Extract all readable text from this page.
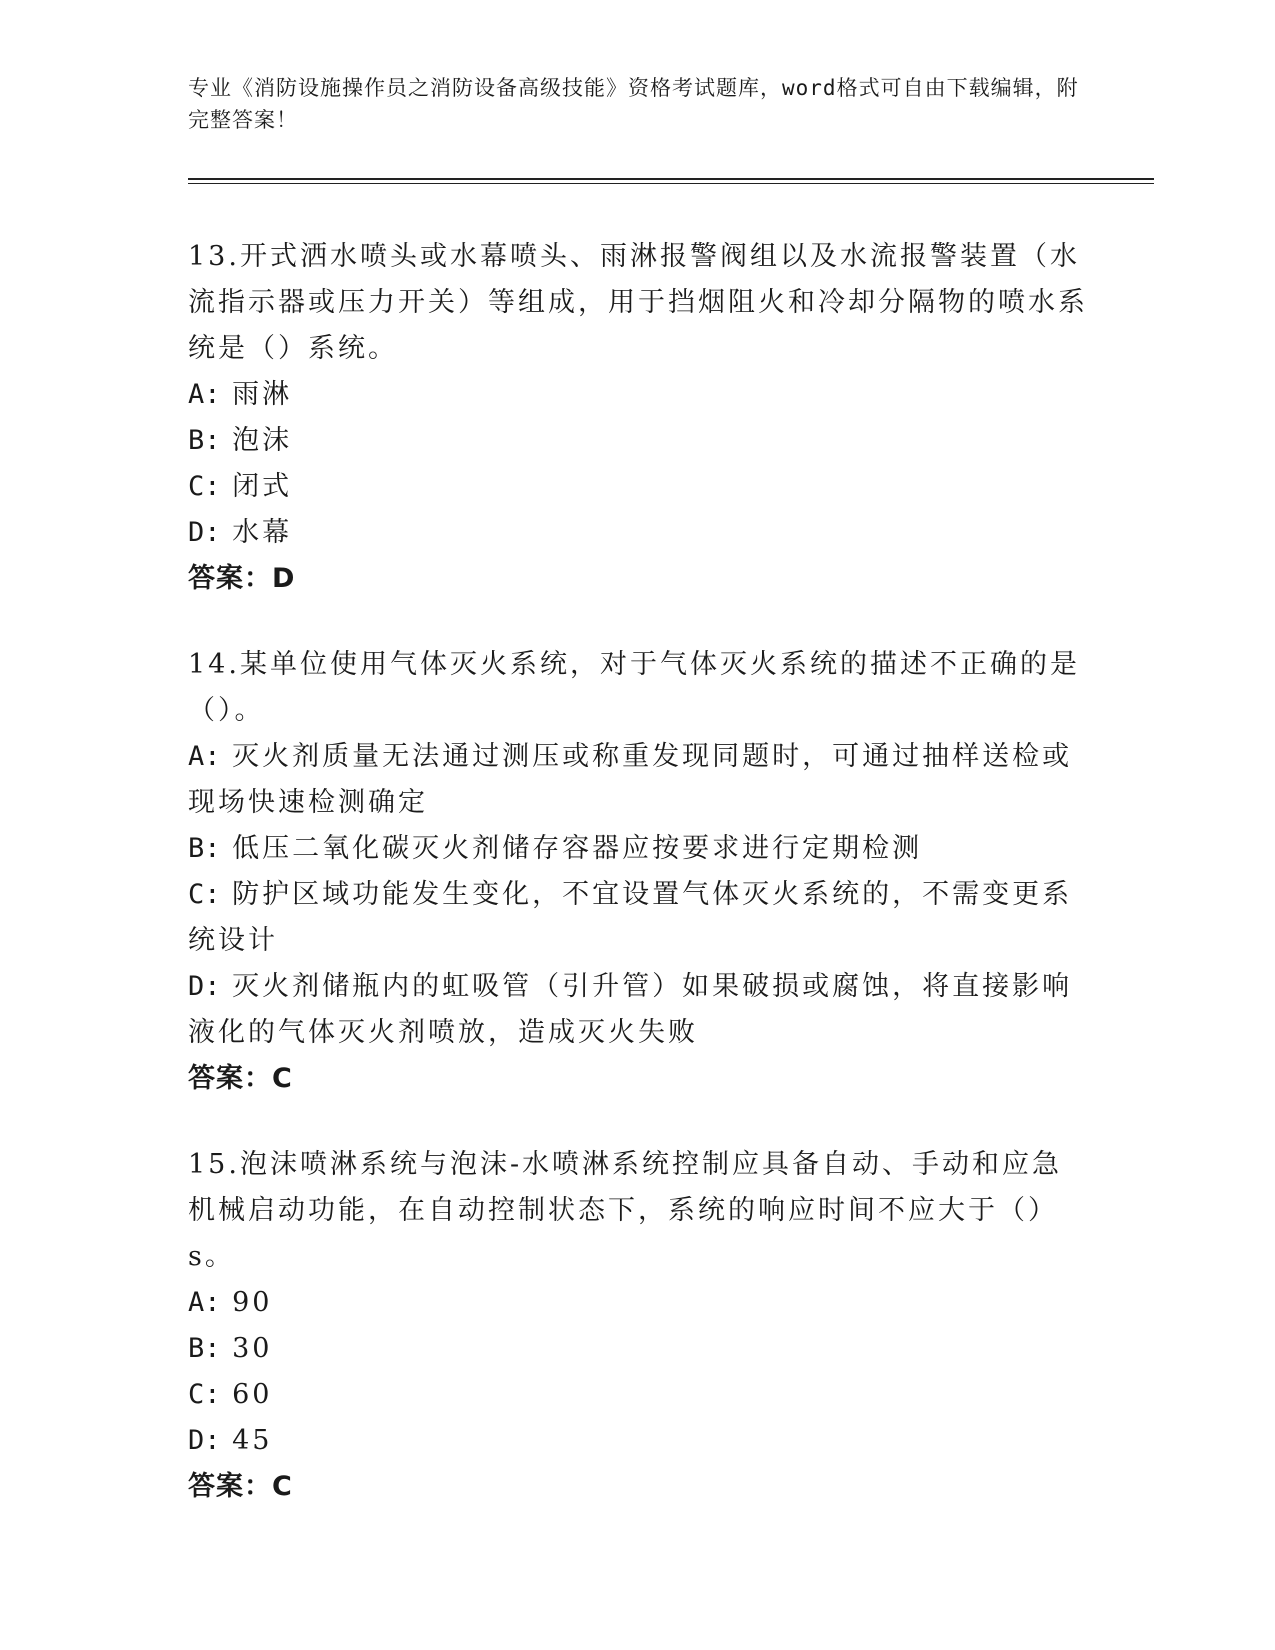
专业《消防设施操作员之消防设备高级技能》资格考试题库，word格式可自由下载编辑，附完整答案！
13.开式洒水喷头或水幕喷头、雨淋报警阀组以及水流报警装置（水流指示器或压力开关）等组成，用于挡烟阻火和冷却分隔物的喷水系统是（）系统。
A: 雨淋
B: 泡沫
C: 闭式
D: 水幕
答案：D
14.某单位使用气体灭火系统，对于气体灭火系统的描述不正确的是（）。
A: 灭火剂质量无法通过测压或称重发现同题时，可通过抽样送检或现场快速检测确定
B: 低压二氧化碳灭火剂储存容器应按要求进行定期检测
C: 防护区域功能发生变化，不宜设置气体灭火系统的，不需变更系统设计
D: 灭火剂储瓶内的虹吸管（引升管）如果破损或腐蚀，将直接影响液化的气体灭火剂喷放，造成灭火失败
答案：C
15.泡沫喷淋系统与泡沫-水喷淋系统控制应具备自动、手动和应急机械启动功能，在自动控制状态下，系统的响应时间不应大于（）s。
A: 90
B: 30
C: 60
D: 45
答案：C
